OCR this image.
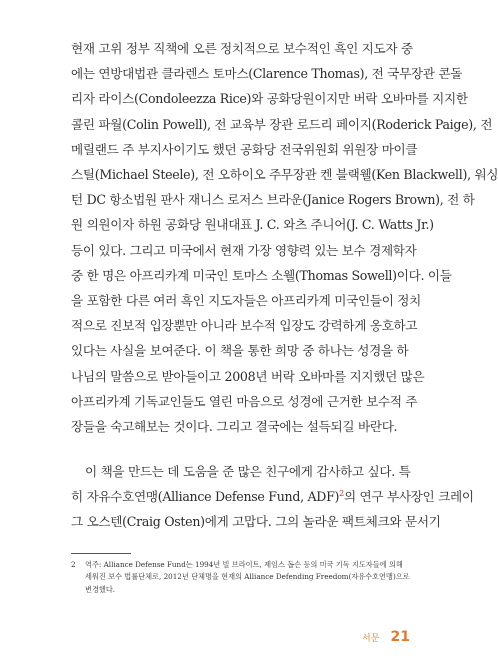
현재 고위 정부 직책에 오른 정치적으로 보수적인 흑인 지도자 중
에는 연방대법관 클라렌스 토마스(Clarence Thomas), 전 국무장관 콘돌
리자 라이스(Condoleezza Rice)와 공화당원이지만 버락 오바마를 지지한
콜린 파월(Colin Powell), 전 교육부 장관 로드리 페이지(Roderick Paige), 전
메릴랜드 주 부지사이기도 했던 공화당 전국위원회 위원장 마이클
스틸(Michael Steele), 전 오하이오 주무장관 켄 블랙웰(Ken Blackwell), 워싱
턴 DC 항소법원 판사 재니스 로저스 브라운(Janice Rogers Brown), 전 하
원 의원이자 하원 공화당 원내대표 J. C. 와츠 주니어(J. C. Watts Jr.)
등이 있다. 그리고 미국에서 현재 가장 영향력 있는 보수 경제학자
중 한 명은 아프리카계 미국인 토마스 소웰(Thomas Sowell)이다. 이들
을 포함한 다른 여러 흑인 지도자들은 아프리카계 미국인들이 정치
적으로 진보적 입장뿐만 아니라 보수적 입장도 강력하게 옹호하고
있다는 사실을 보여준다. 이 책을 통한 희망 중 하나는 성경을 하
나님의 말씀으로 받아들이고 2008년 버락 오바마를 지지했던 많은
아프리카계 기독교인들도 열린 마음으로 성경에 근거한 보수적 주
장들을 숙고해보는 것이다. 그리고 결국에는 설득되길 바란다.
이 책을 만드는 데 도움을 준 많은 친구에게 감사하고 싶다. 특
히 자유수호연맹(Alliance Defense Fund, ADF)$^2$의 연구 부사장인 크레이
그 오스텐(Craig Osten)에게 고맙다. 그의 놀라운 팩트체크와 문서기
2 역주: Alliance Defense Fund는 1994년 빌 브라이트, 제임스 돕슨 등의 미국 기독 지도자들에 의해 세워진 보수 법률단체로, 2012년 단체명을 현재의 Alliance Defending Freedom(자유수호연맹)으로 변경했다.
서문 21
